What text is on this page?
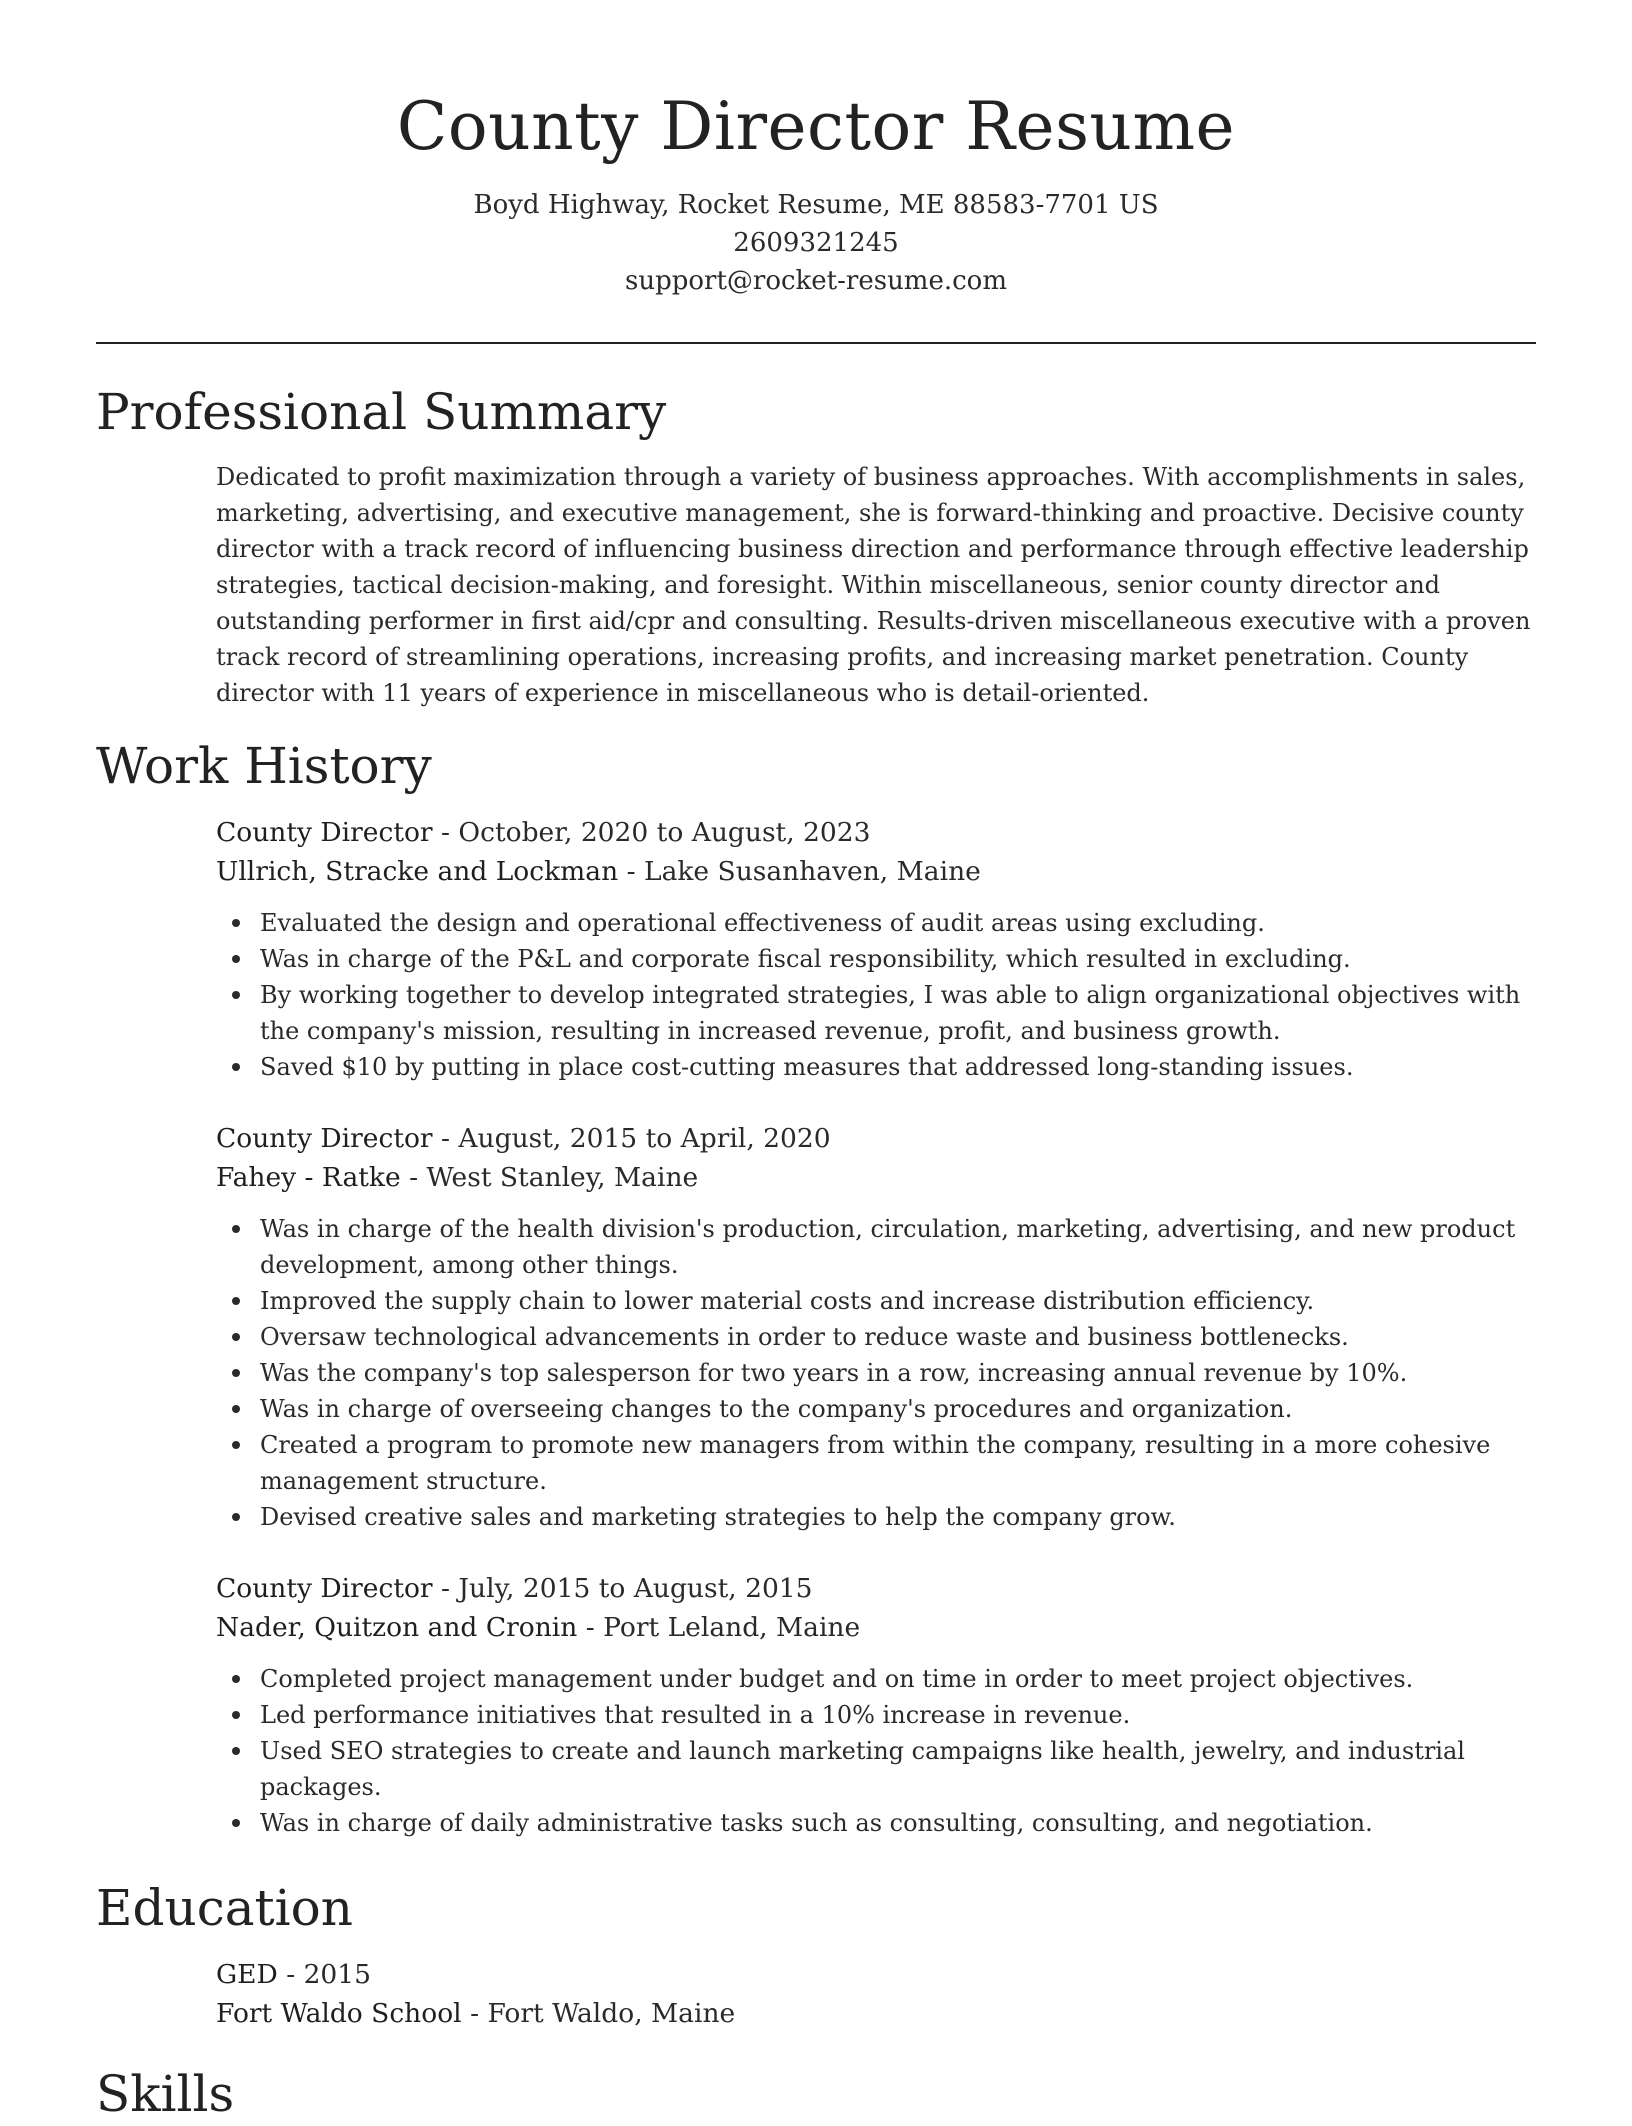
County Director Resume
Boyd Highway, Rocket Resume, ME 88583-7701 US
2609321245
support@rocket-resume.com
Professional Summary

Dedicated to profit maximization through a variety of business approaches. With accomplishments in sales, marketing, advertising, and executive management, she is forward-thinking and proactive. Decisive county director with a track record of influencing business direction and performance through effective leadership strategies, tactical decision-making, and foresight. Within miscellaneous, senior county director and outstanding performer in first aid/cpr and consulting. Results-driven miscellaneous executive with a proven track record of streamlining operations, increasing profits, and increasing market penetration. County director with 11 years of experience in miscellaneous who is detail-oriented.

Work History
County Director - October, 2020 to August, 2023
Ullrich, Stracke and Lockman - Lake Susanhaven, Maine
Evaluated the design and operational effectiveness of audit areas using excluding.
Was in charge of the P&L and corporate fiscal responsibility, which resulted in excluding.
By working together to develop integrated strategies, I was able to align organizational objectives with the company's mission, resulting in increased revenue, profit, and business growth.
Saved $10 by putting in place cost-cutting measures that addressed long-standing issues.
County Director - August, 2015 to April, 2020
Fahey - Ratke - West Stanley, Maine
Was in charge of the health division's production, circulation, marketing, advertising, and new product development, among other things.
Improved the supply chain to lower material costs and increase distribution efficiency.
Oversaw technological advancements in order to reduce waste and business bottlenecks.
Was the company's top salesperson for two years in a row, increasing annual revenue by 10%.
Was in charge of overseeing changes to the company's procedures and organization.
Created a program to promote new managers from within the company, resulting in a more cohesive management structure.
Devised creative sales and marketing strategies to help the company grow.
County Director - July, 2015 to August, 2015
Nader, Quitzon and Cronin - Port Leland, Maine
Completed project management under budget and on time in order to meet project objectives.
Led performance initiatives that resulted in a 10% increase in revenue.
Used SEO strategies to create and launch marketing campaigns like health, jewelry, and industrial packages.
Was in charge of daily administrative tasks such as consulting, consulting, and negotiation.
Education
GED - 2015
Fort Waldo School - Fort Waldo, Maine
Skills
